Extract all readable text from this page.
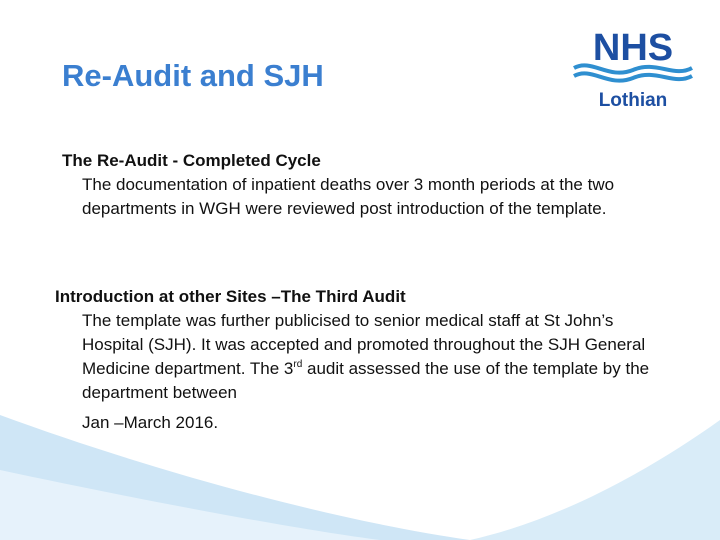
Re-Audit and SJH
NHS
Lothian
The Re-Audit - Completed Cycle
The documentation of inpatient deaths over 3 month periods at the two departments in WGH were reviewed post introduction of the template.
Introduction at other Sites –The Third Audit
The template was further publicised to senior medical staff at St John’s Hospital (SJH). It was accepted and promoted throughout the SJH General Medicine department. The 3rd audit assessed the use of the template by the department between
Jan –March 2016.
